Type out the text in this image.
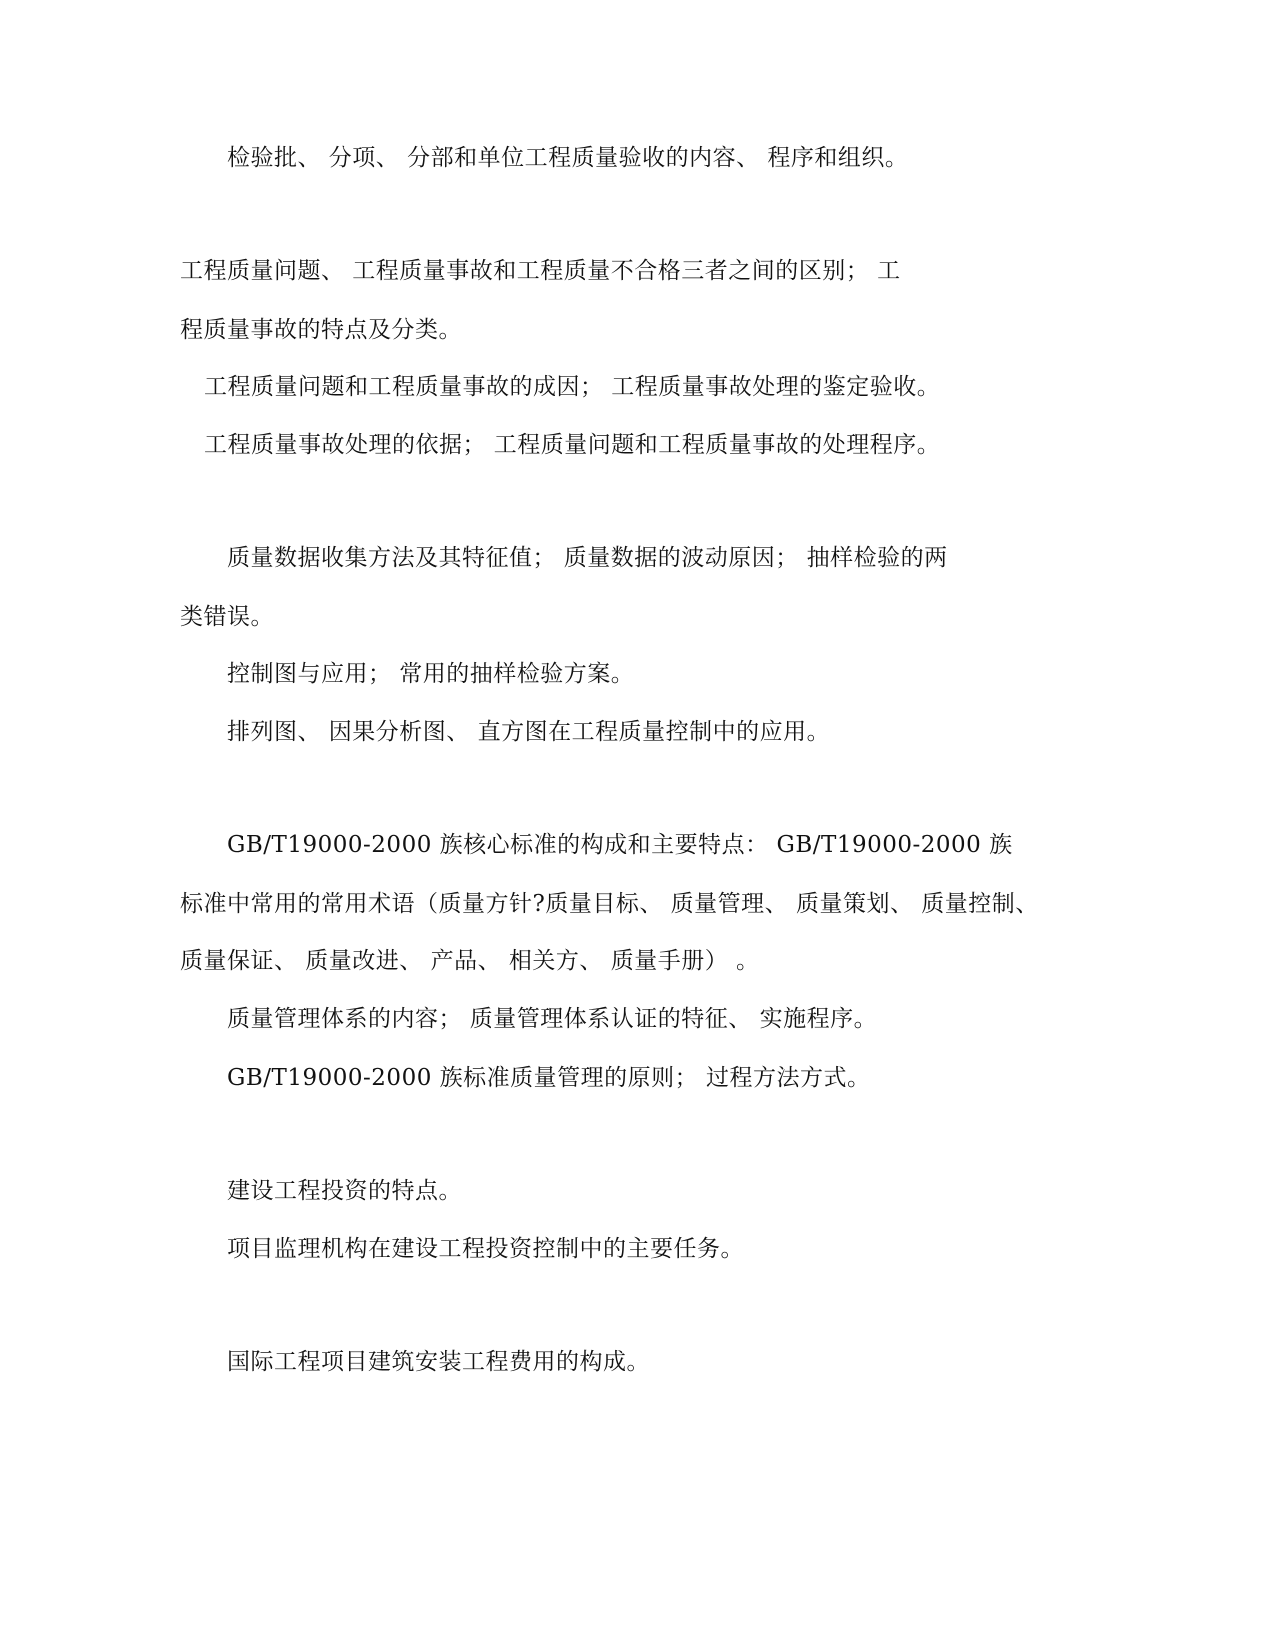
检验批、 分项、 分部和单位工程质量验收的内容、 程序和组织。
工程质量问题、 工程质量事故和工程质量不合格三者之间的区别； 工
程质量事故的特点及分类。
工程质量问题和工程质量事故的成因； 工程质量事故处理的鉴定验收。
工程质量事故处理的依据； 工程质量问题和工程质量事故的处理程序。
质量数据收集方法及其特征值； 质量数据的波动原因； 抽样检验的两
类错误。
控制图与应用； 常用的抽样检验方案。
排列图、 因果分析图、 直方图在工程质量控制中的应用。
GB/T19000-2000 族核心标准的构成和主要特点： GB/T19000-2000 族
标准中常用的常用术语（质量方针?质量目标、 质量管理、 质量策划、 质量控制、
质量保证、 质量改进、 产品、 相关方、 质量手册） 。
质量管理体系的内容； 质量管理体系认证的特征、 实施程序。
GB/T19000-2000 族标准质量管理的原则； 过程方法方式。
建设工程投资的特点。
项目监理机构在建设工程投资控制中的主要任务。
国际工程项目建筑安装工程费用的构成。
